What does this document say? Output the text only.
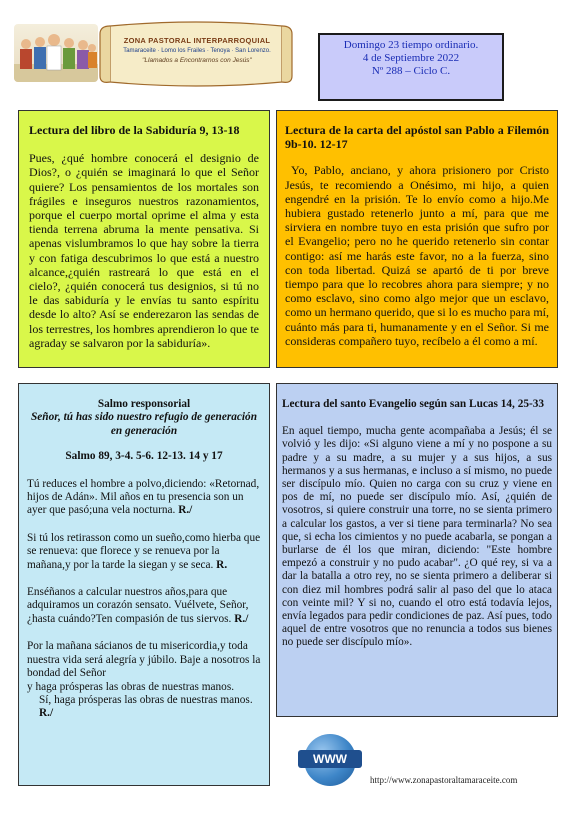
ZONA PASTORAL INTERPARROQUIAL
Tamaraceite · Lomo los Frailes · Tenoya · San Lorenzo.
"Llamados a Encontrarnos con Jesús"
Domingo 23 tiempo ordinario.
4 de Septiembre 2022
Nº 288 – Ciclo C.

Lectura del libro de la Sabiduría 9, 13-18

Pues, ¿qué hombre conocerá el designio de Dios?, o ¿quién se imaginará lo que el Señor quiere? Los pensamientos de los mortales son frágiles e inseguros nuestros razonamientos, porque el cuerpo mortal oprime el alma y esta tienda terrena abruma la mente pensativa. Si apenas vislumbramos lo que hay sobre la tierra y con fatiga descubrimos lo que está a nuestro alcance,¿quién rastreará lo que está en el cielo?, ¿quién conocerá tus designios, si tú no le das sabiduría y le envías tu santo espíritu desde lo alto? Así se enderezaron las sendas de los terrestres, los hombres aprendieron lo que te agraday se salvaron por la sabiduría».

Lectura de la carta del apóstol san Pablo a Filemón 9b-10. 12-17

Yo, Pablo, anciano, y ahora prisionero por Cristo Jesús, te recomiendo a Onésimo, mi hijo, a quien engendré en la prisión. Te lo envío como a hijo.Me hubiera gustado retenerlo junto a mí, para que me sirviera en nombre tuyo en esta prisión que sufro por el Evangelio; pero no he querido retenerlo sin contar contigo: así me harás este favor, no a la fuerza, sino con toda libertad. Quizá se apartó de ti por breve tiempo para que lo recobres ahora para siempre; y no como esclavo, sino como algo mejor que un esclavo, como un hermano querido, que si lo es mucho para mí, cuánto más para ti, humanamente y en el Señor. Si me consideras compañero tuyo, recíbelo a él como a mí.

Salmo responsorial

Señor, tú has sido nuestro refugio de generación en generación

Salmo 89, 3-4. 5-6. 12-13. 14 y 17

Tú reduces el hombre a polvo,diciendo: «Retornad, hijos de Adán». Mil años en tu presencia son un ayer que pasó;una vela nocturna. R./

Si tú los retirasson como un sueño,como hierba que se renueva: que florece y se renueva por la mañana,y por la tarde la siegan y se seca. R.

Enséñanos a calcular nuestros años,para que adquiramos un corazón sensato. Vuélvete, Señor, ¿hasta cuándo?Ten compasión de tus siervos. R./

Por la mañana sácianos de tu misericordia,y toda nuestra vida será alegría y júbilo. Baje a nosotros la bondad del Señor

y haga prósperas las obras de nuestras manos.

Sí, haga prósperas las obras de nuestras manos. R./

Lectura del santo Evangelio según san Lucas 14, 25-33

En aquel tiempo, mucha gente acompañaba a Jesús; él se volvió y les dijo: «Si alguno viene a mí y no pospone a su padre y a su madre, a su mujer y a sus hijos, a sus hermanos y a sus hermanas, e incluso a sí mismo, no puede ser discípulo mío. Quien no carga con su cruz y viene en pos de mí, no puede ser discípulo mío. Así, ¿quién de vosotros, si quiere construir una torre, no se sienta primero a calcular los gastos, a ver si tiene para terminarla? No sea que, si echa los cimientos y no puede acabarla, se pongan a burlarse de él los que miran, diciendo: "Este hombre empezó a construir y no pudo acabar". ¿O qué rey, si va a dar la batalla a otro rey, no se sienta primero a deliberar si con diez mil hombres podrá salir al paso del que lo ataca con veinte mil? Y si no, cuando el otro está todavía lejos, envía legados para pedir condiciones de paz. Así pues, todo aquel de entre vosotros que no renuncia a todos sus bienes no puede ser discípulo mío».

WWW
http://www.zonapastoraltamaraceite.com
